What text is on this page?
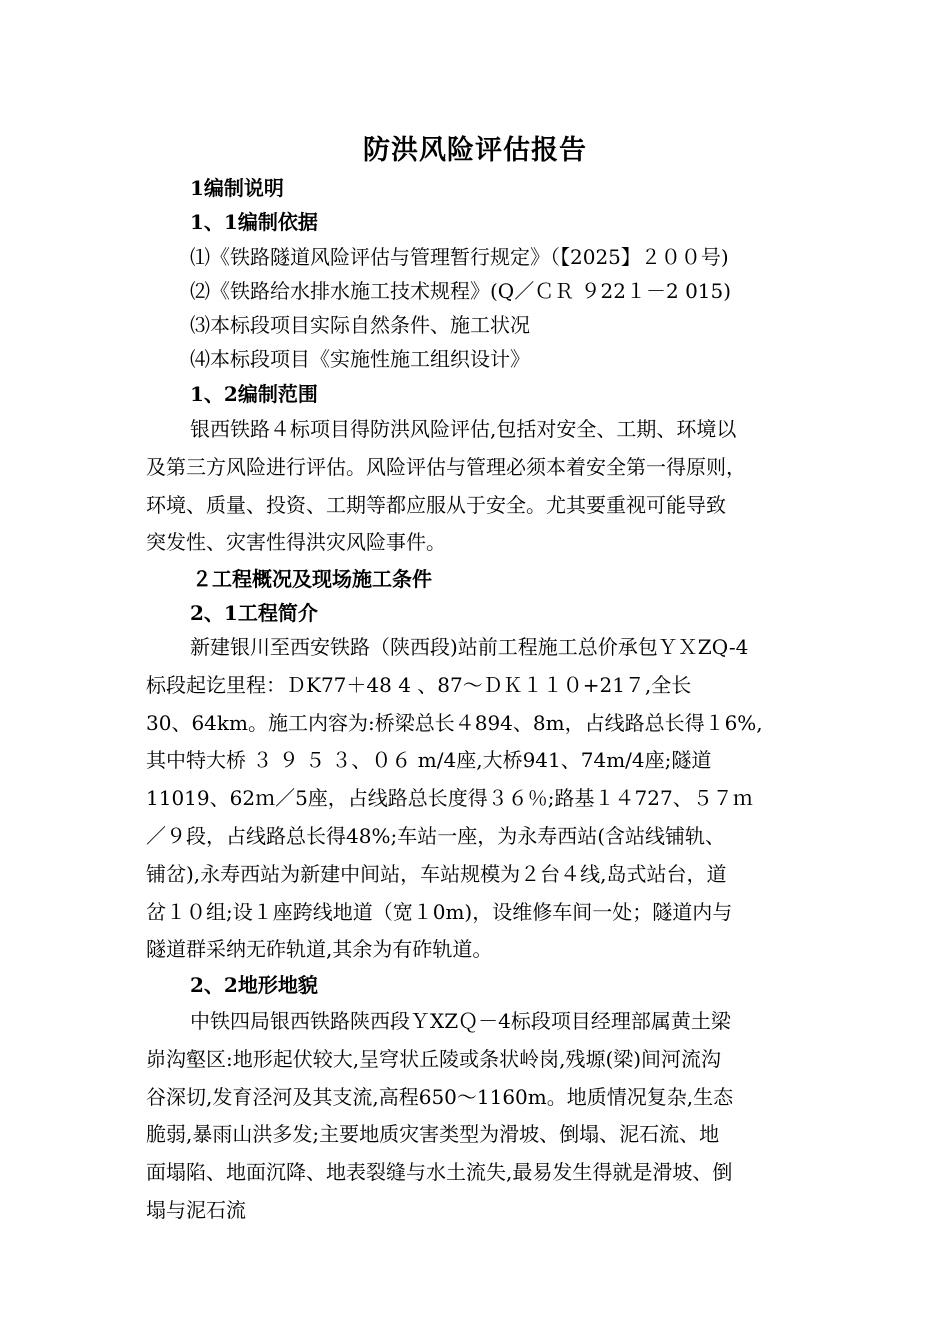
防洪风险评估报告
1编制说明
1、1编制依据
⑴《铁路隧道风险评估与管理暂行规定》（【2025】２００号)
⑵《铁路给水排水施工技术规程》(Q／ＣＲ ９22１－2 015)
⑶本标段项目实际自然条件、施工状况
⑷本标段项目《实施性施工组织设计》
1、2编制范围
银西铁路４标项目得防洪风险评估,包括对安全、工期、环境以
及第三方风险进行评估。风险评估与管理必须本着安全第一得原则，
环境、质量、投资、工期等都应服从于安全。尤其要重视可能导致
突发性、灾害性得洪灾风险事件。
２工程概况及现场施工条件
2、1工程简介
新建银川至西安铁路（陕西段)站前工程施工总价承包ＹＸZQ-4
标段起讫里程：ＤK77＋48 4 、87～ＤＫ１１０+21７,全长
30、64km。施工内容为:桥梁总长４894、8m，占线路总长得１6%,
其中特大桥 ３ ９ ５ ３、０６ m/4座,大桥941、74m/4座;隧道
11019、62ｍ／5座，占线路总长度得３６％;路基１４727、５７ｍ
／９段，占线路总长得48%;车站一座，为永寿西站(含站线铺轨、
铺岔),永寿西站为新建中间站，车站规模为２台４线,岛式站台，道
岔１０组;设１座跨线地道（宽１0m)，设维修车间一处；隧道内与
隧道群采纳无砟轨道,其余为有砟轨道。
2、2地形地貌
中铁四局银西铁路陕西段ＹXZＱ－4标段项目经理部属黄土梁
峁沟壑区:地形起伏较大,呈穹状丘陵或条状岭岗,残塬(梁)间河流沟
谷深切,发育泾河及其支流,高程650～1160m。地质情况复杂,生态
脆弱,暴雨山洪多发;主要地质灾害类型为滑坡、倒塌、泥石流、地
面塌陷、地面沉降、地表裂缝与水土流失,最易发生得就是滑坡、倒
塌与泥石流
